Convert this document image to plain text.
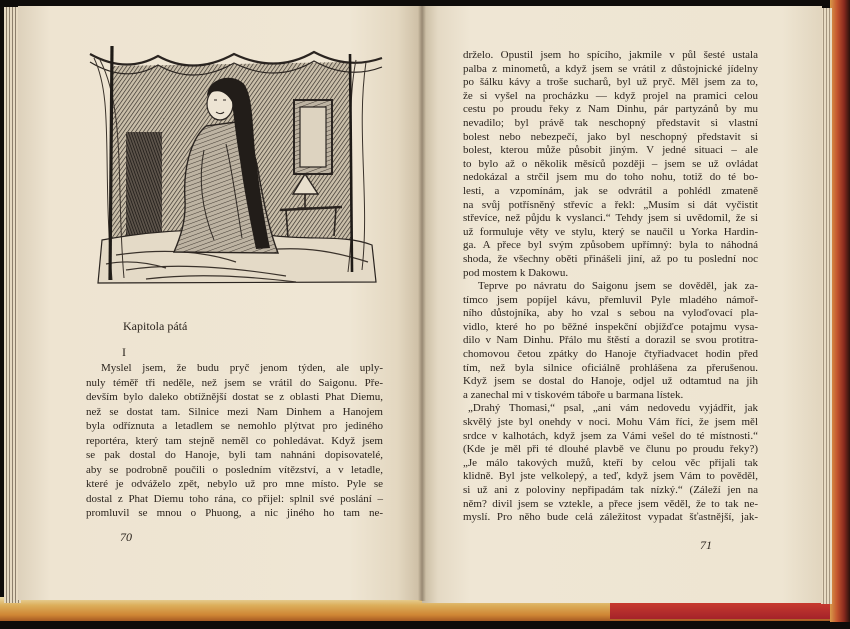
Kapitola pátá
I
Myslel jsem, že budu pryč jenom týden, ale uply-
nuly téměř tři neděle, než jsem se vrátil do Saigonu. Pře-
devším bylo daleko obtížnější dostat se z oblasti Phat Diemu,
než se dostat tam. Silnice mezi Nam Dinhem a Hanojem
byla odříznuta a letadlem se nemohlo plýtvat pro jediného
reportéra, který tam stejně neměl co pohledávat. Když jsem
se pak dostal do Hanoje, byli tam nahnáni dopisovatelé,
aby se podrobně poučili o posledním vítězství, a v letadle,
které je odváželo zpět, nebylo už pro mne místo. Pyle se
dostal z Phat Diemu toho rána, co přijel: splnil své poslání –
promluvil se mnou o Phuong, a nic jiného ho tam ne-
70
drželo. Opustil jsem ho spícího, jakmile v půl šesté ustala
palba z minometů, a když jsem se vrátil z důstojnické jídelny
po šálku kávy a troše sucharů, byl už pryč. Měl jsem za to,
že si vyšel na procházku — když projel na pramici celou
cestu po proudu řeky z Nam Dinhu, pár partyzánů by mu
nevadilo; byl právě tak neschopný představit si vlastní
bolest nebo nebezpečí, jako byl neschopný představit si
bolest, kterou může působit jiným. V jedné situaci – ale
to bylo až o několik měsíců později – jsem se už ovládat
nedokázal a strčil jsem mu do toho nohu, totiž do té bo-
lesti, a vzpomínám, jak se odvrátil a pohlédl zmateně
na svůj potřísněný střevíc a řekl: „Musím si dát vyčistit
střevíce, než půjdu k vyslanci.“ Tehdy jsem si uvědomil, že si
už formuluje věty ve stylu, který se naučil u Yorka Hardin-
ga. A přece byl svým způsobem upřímný: byla to náhodná
shoda, že všechny oběti přinášeli jiní, až po tu poslední noc
pod mostem k Dakowu.
Teprve po návratu do Saigonu jsem se dověděl, jak za-
tímco jsem popíjel kávu, přemluvil Pyle mladého námoř-
ního důstojníka, aby ho vzal s sebou na vyloďovací pla-
vidlo, které ho po běžné inspekční objížďce potajmu vysa-
dilo v Nam Dinhu. Přálo mu štěstí a dorazil se svou protitra-
chomovou četou zpátky do Hanoje čtyřiadvacet hodin před
tím, než byla silnice oficiálně prohlášena za přerušenou.
Když jsem se dostal do Hanoje, odjel už odtamtud na jih
a zanechal mi v tiskovém táboře u barmana lístek.
„Drahý Thomasi,“ psal, „ani vám nedovedu vyjádřit, jak
skvělý jste byl onehdy v noci. Mohu Vám říci, že jsem měl
srdce v kalhotách, když jsem za Vámi vešel do té místnosti.“
(Kde je měl při té dlouhé plavbě ve člunu po proudu řeky?)
„Je málo takových mužů, kteří by celou věc přijali tak
klidně. Byl jste velkolepý, a teď, když jsem Vám to pověděl,
si už ani z poloviny nepřipadám tak nízký.“ (Záleží jen na
něm? divil jsem se vztekle, a přece jsem věděl, že to tak ne-
myslí. Pro něho bude celá záležitost vypadat šťastnější, jak-
71
